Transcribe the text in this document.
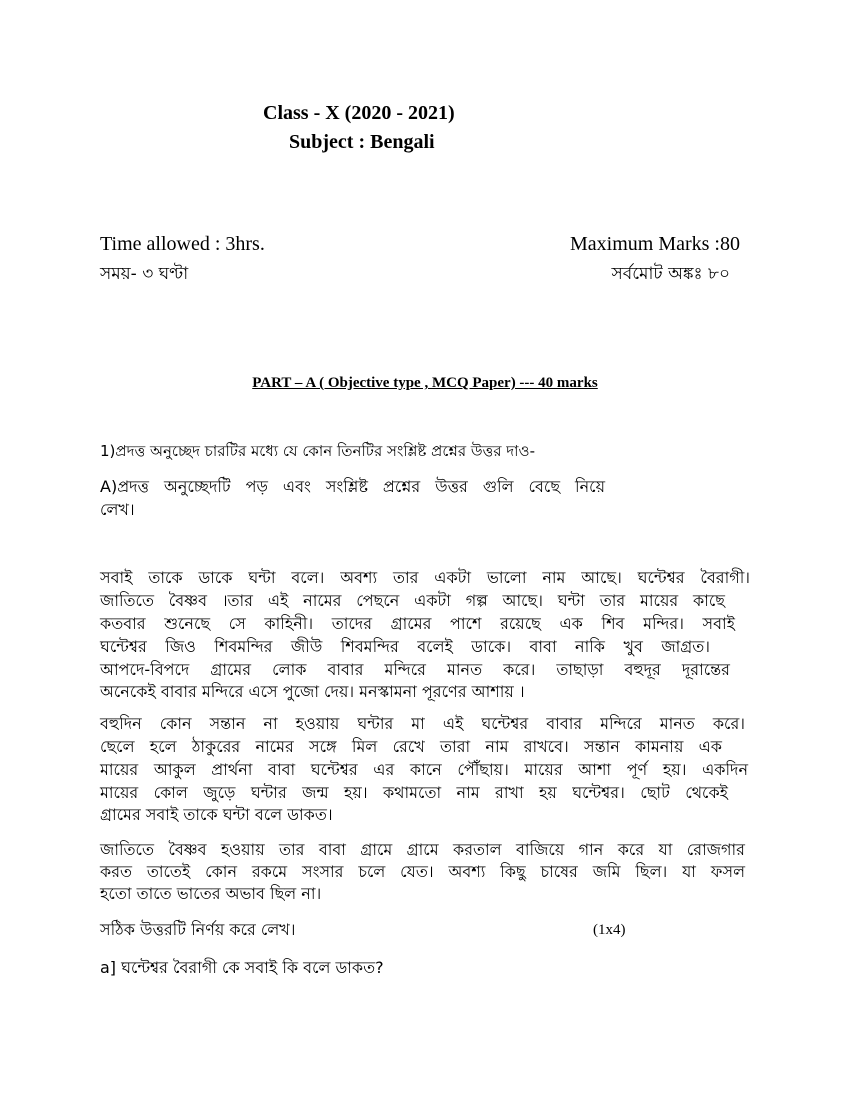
Class - X (2020 - 2021)
Subject : Bengali
Time allowed : 3hrs.	Maximum Marks :80
সময়- ৩ ঘণ্টা	সর্বমোট অঙ্কঃ ৮০
PART – A ( Objective type , MCQ Paper) --- 40 marks
1)প্রদত্ত অনুচ্ছেদ চারটির মধ্যে যে কোন তিনটির সংশ্লিষ্ট প্রশ্নের উত্তর দাও-
A)প্রদত্ত অনুচ্ছেদটি পড় এবং সংশ্লিষ্ট প্রশ্নের উত্তর গুলি বেছে নিয়ে
লেখ।
সবাই তাকে ডাকে ঘন্টা বলে। অবশ্য তার একটা ভালো নাম আছে। ঘন্টেশ্বর বৈরাগী।
জাতিতে বৈষ্ণব ।তার এই নামের পেছনে একটা গল্প আছে। ঘন্টা তার মায়ের কাছে
কতবার শুনেছে সে কাহিনী। তাদের গ্রামের পাশে রয়েছে এক শিব মন্দির। সবাই
ঘন্টেশ্বর জিও শিবমন্দির জীউ শিবমন্দির বলেই ডাকে। বাবা নাকি খুব জাগ্রত।
আপদে-বিপদে গ্রামের লোক বাবার মন্দিরে মানত করে। তাছাড়া বহুদূর দূরান্তের
অনেকেই বাবার মন্দিরে এসে পুজো দেয়। মনস্কামনা পূরণের আশায় ।
বহুদিন কোন সন্তান না হওয়ায় ঘন্টার মা এই ঘন্টেশ্বর বাবার মন্দিরে মানত করে।
ছেলে হলে ঠাকুরের নামের সঙ্গে মিল রেখে তারা নাম রাখবে। সন্তান কামনায় এক
মায়ের আকুল প্রার্থনা বাবা ঘন্টেশ্বর এর কানে পৌঁছায়। মায়ের আশা পূর্ণ হয়। একদিন
মায়ের কোল জুড়ে ঘন্টার জন্ম হয়। কথামতো নাম রাখা হয় ঘন্টেশ্বর। ছোট থেকেই
গ্রামের সবাই তাকে ঘন্টা বলে ডাকত।
জাতিতে বৈষ্ণব হওয়ায় তার বাবা গ্রামে গ্রামে করতাল বাজিয়ে গান করে যা রোজগার
করত তাতেই কোন রকমে সংসার চলে যেত। অবশ্য কিছু চাষের জমি ছিল। যা ফসল
হতো তাতে ভাতের অভাব ছিল না।
সঠিক উত্তরটি নির্ণয় করে লেখ।	(1x4)
a] ঘন্টেশ্বর বৈরাগী কে সবাই কি বলে ডাকত?
